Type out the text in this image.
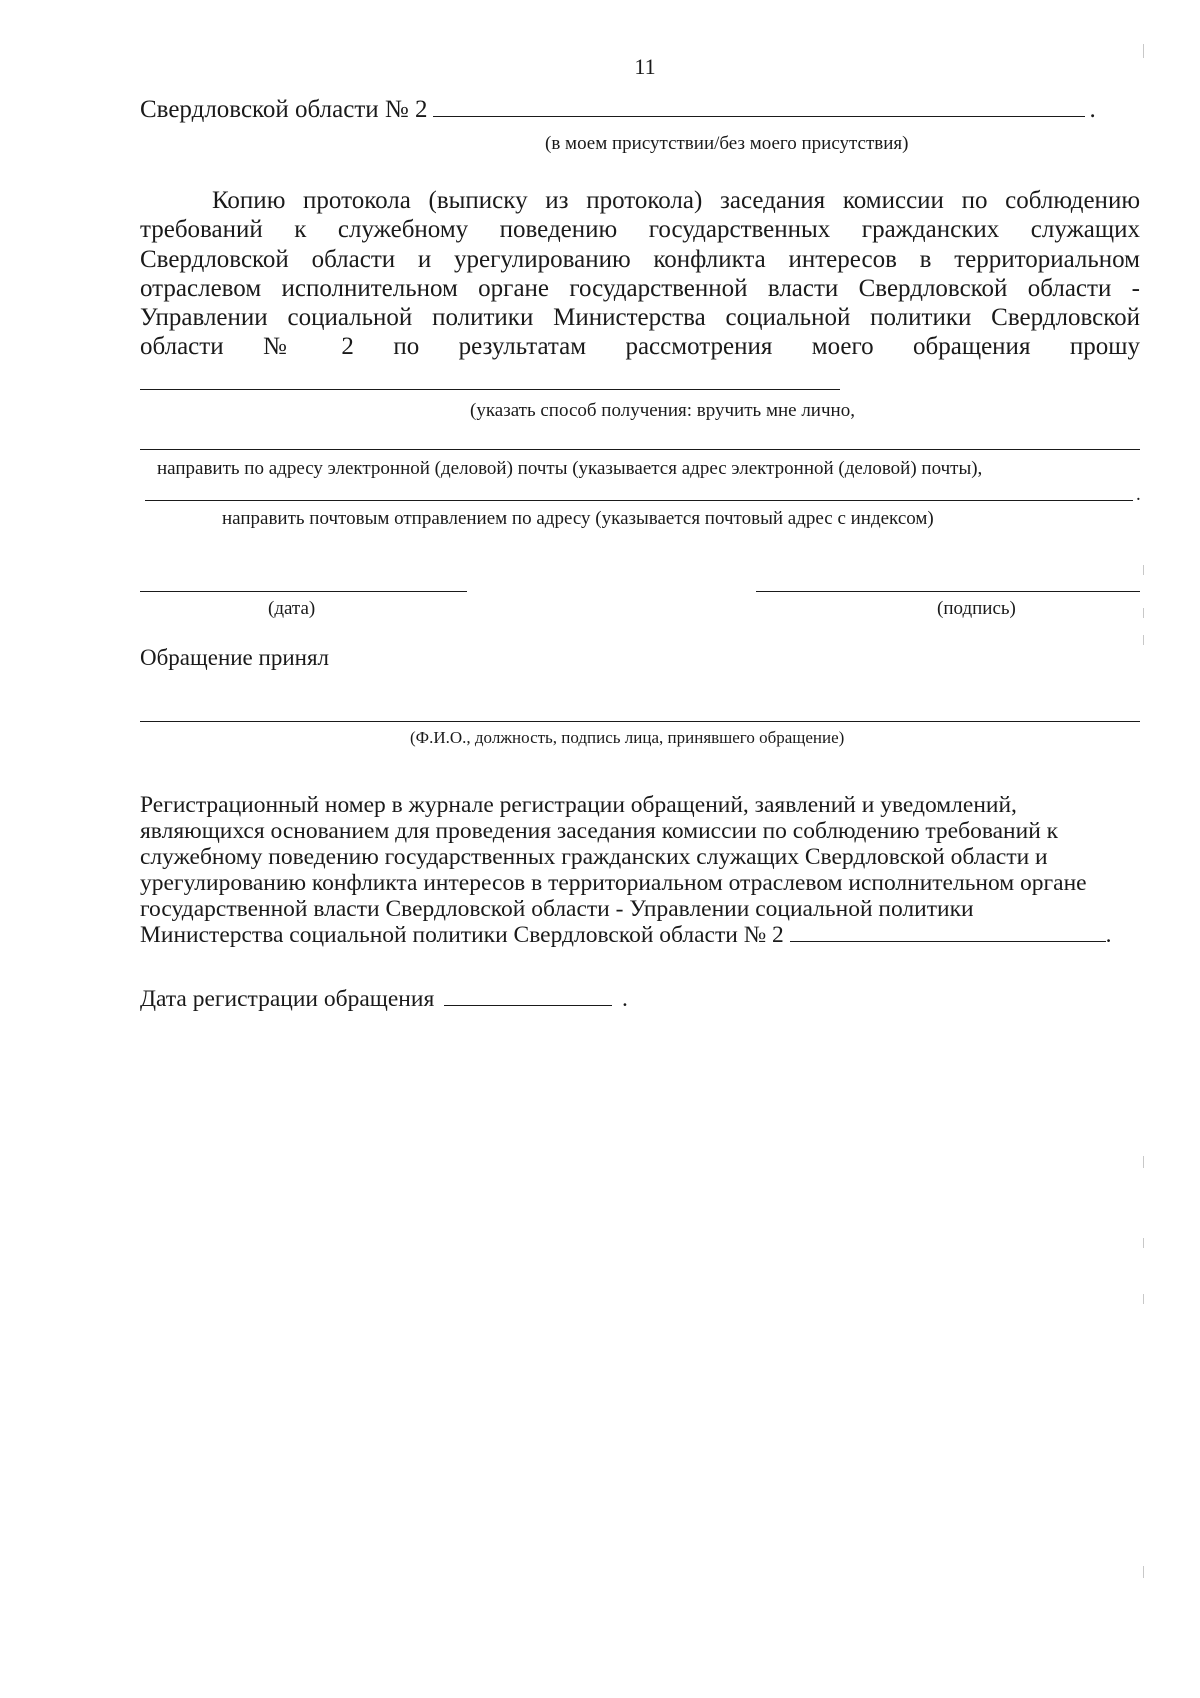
11
Свердловской области № 2	.
(в моем присутствии/без моего присутствия)
Копию протокола (выписку из протокола) заседания комиссии по соблюдению
требований к служебному поведению государственных гражданских служащих
Свердловской области и урегулированию конфликта интересов в территориальном
отраслевом исполнительном органе государственной власти Свердловской области -
Управлении социальной политики Министерства социальной политики Свердловской
области № 2 по результатам рассмотрения моего обращения прошу
(указать способ получения: вручить мне лично,
направить по адресу электронной (деловой) почты (указывается адрес электронной (деловой) почты),
.
направить почтовым отправлением по адресу (указывается почтовый адрес с индексом)
(дата)	(подпись)
Обращение принял
(Ф.И.О., должность, подпись лица, принявшего обращение)
Регистрационный номер в журнале регистрации обращений, заявлений и уведомлений,
являющихся основанием для проведения заседания комиссии по соблюдению требований к
служебному поведению государственных гражданских служащих Свердловской области и
урегулированию конфликта интересов в территориальном отраслевом исполнительном органе
государственной власти Свердловской области - Управлении социальной политики
Министерства социальной политики Свердловской области № 2	.
Дата регистрации обращения	.
